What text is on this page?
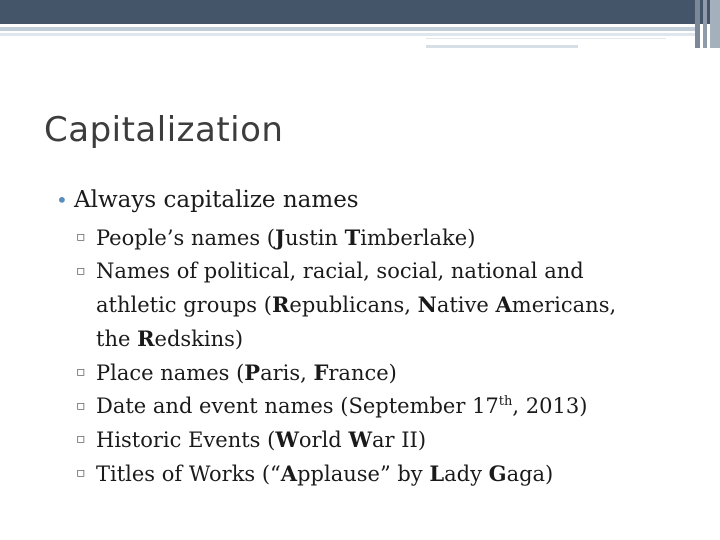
Capitalization
• Always capitalize names
▫ People’s names (Justin Timberlake)
▫ Names of political, racial, social, national and
athletic groups (Republicans, Native Americans,
the Redskins)
▫ Place names (Paris, France)
▫ Date and event names (September 17th, 2013)
▫ Historic Events (World War II)
▫ Titles of Works (“Applause” by Lady Gaga)
